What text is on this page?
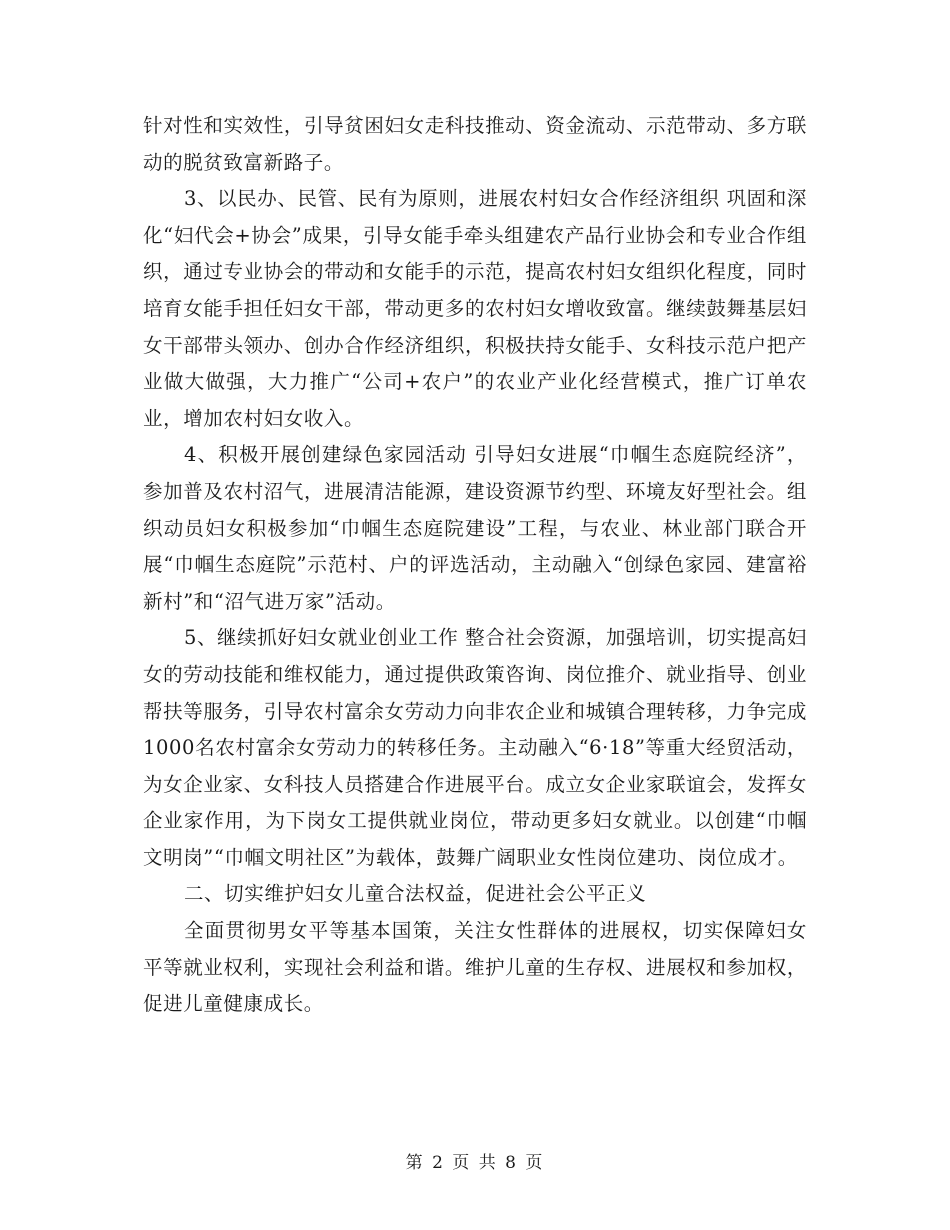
针对性和实效性，引导贫困妇女走科技推动、资金流动、示范带动、多方联动的脱贫致富新路子。

3、以民办、民管、民有为原则，进展农村妇女合作经济组织 巩固和深化“妇代会+协会”成果，引导女能手牵头组建农产品行业协会和专业合作组织，通过专业协会的带动和女能手的示范，提高农村妇女组织化程度，同时培育女能手担任妇女干部，带动更多的农村妇女增收致富。继续鼓舞基层妇女干部带头领办、创办合作经济组织，积极扶持女能手、女科技示范户把产业做大做强，大力推广“公司+农户”的农业产业化经营模式，推广订单农业，增加农村妇女收入。

4、积极开展创建绿色家园活动 引导妇女进展“巾帼生态庭院经济”，参加普及农村沼气，进展清洁能源，建设资源节约型、环境友好型社会。组织动员妇女积极参加“巾帼生态庭院建设”工程，与农业、林业部门联合开展“巾帼生态庭院”示范村、户的评选活动，主动融入“创绿色家园、建富裕新村”和“沼气进万家”活动。

5、继续抓好妇女就业创业工作 整合社会资源，加强培训，切实提高妇女的劳动技能和维权能力，通过提供政策咨询、岗位推介、就业指导、创业帮扶等服务，引导农村富余女劳动力向非农企业和城镇合理转移，力争完成1000名农村富余女劳动力的转移任务。主动融入“6·18”等重大经贸活动，为女企业家、女科技人员搭建合作进展平台。成立女企业家联谊会，发挥女企业家作用，为下岗女工提供就业岗位，带动更多妇女就业。以创建“巾帼文明岗”“巾帼文明社区”为载体，鼓舞广阔职业女性岗位建功、岗位成才。

二、切实维护妇女儿童合法权益，促进社会公平正义

全面贯彻男女平等基本国策，关注女性群体的进展权，切实保障妇女平等就业权利，实现社会利益和谐。维护儿童的生存权、进展权和参加权，促进儿童健康成长。

第 2 页 共 8 页
